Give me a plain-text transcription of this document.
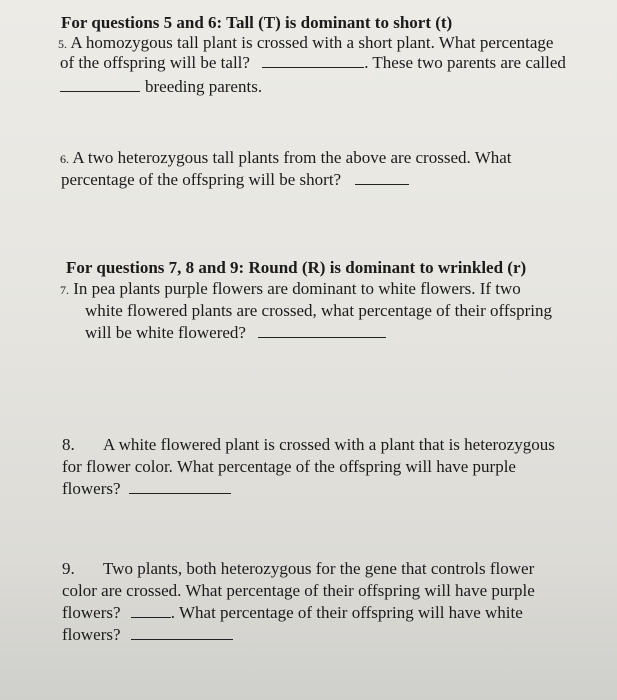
For questions 5 and 6: Tall (T) is dominant to short (t)
5. A homozygous tall plant is crossed with a short plant. What percentage
of the offspring will be tall?	. These two parents are called
breeding parents.
6. A two heterozygous tall plants from the above are crossed. What
percentage of the offspring will be short?
For questions 7, 8 and 9: Round (R) is dominant to wrinkled (r)
7. In pea plants purple flowers are dominant to white flowers. If two
white flowered plants are crossed, what percentage of their offspring
will be white flowered?
8. A white flowered plant is crossed with a plant that is heterozygous
for flower color. What percentage of the offspring will have purple
flowers?
9. Two plants, both heterozygous for the gene that controls flower
color are crossed. What percentage of their offspring will have purple
flowers?	. What percentage of their offspring will have white
flowers?
